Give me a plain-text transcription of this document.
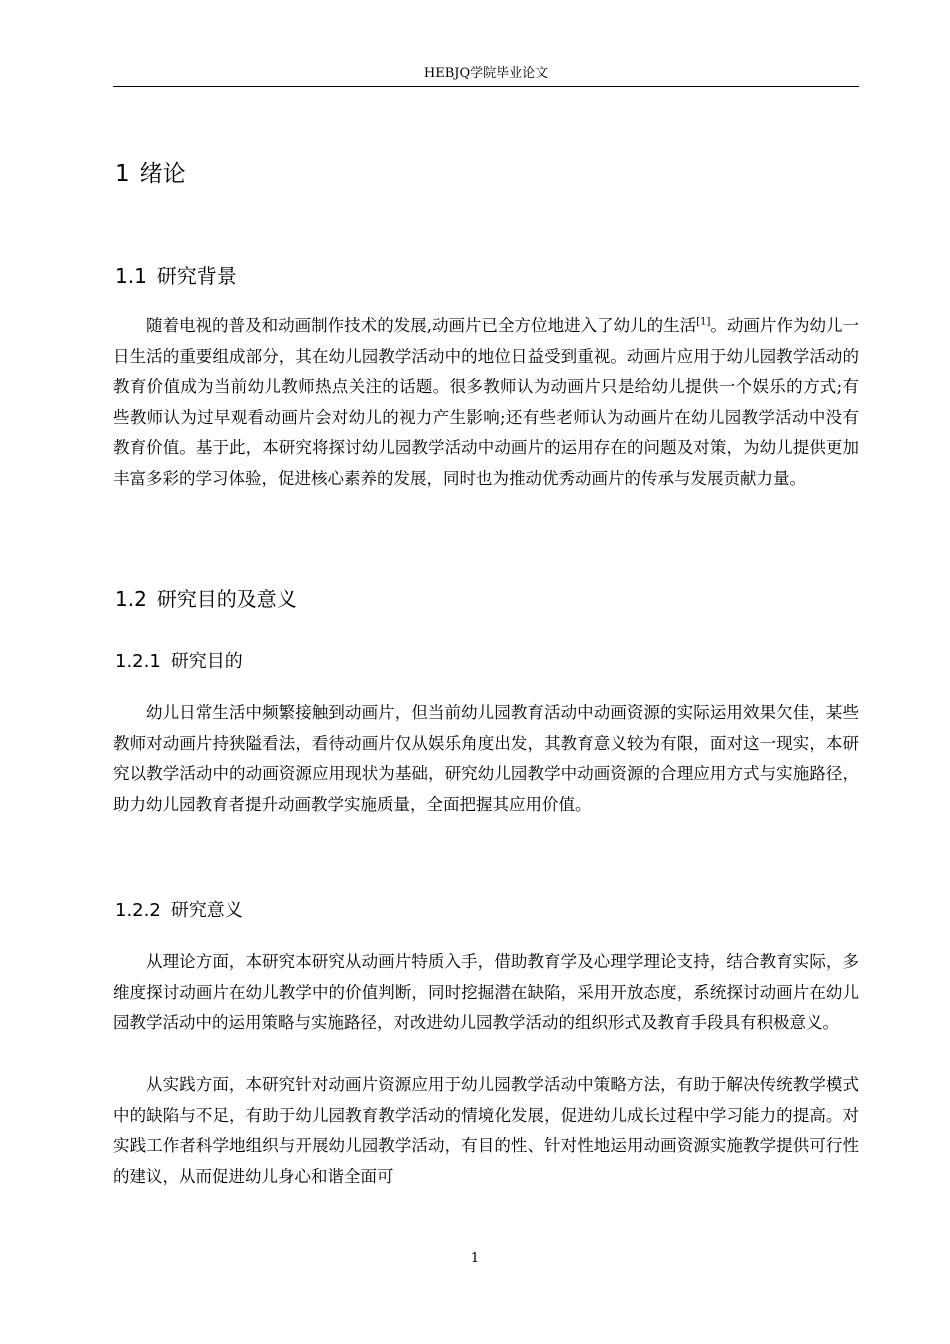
HEBJQ学院毕业论文
1 绪论
1.1 研究背景

随着电视的普及和动画制作技术的发展,动画片已全方位地进入了幼儿的生活[1]。动画片作为幼儿一日生活的重要组成部分，其在幼儿园教学活动中的地位日益受到重视。动画片应用于幼儿园教学活动的教育价值成为当前幼儿教师热点关注的话题。很多教师认为动画片只是给幼儿提供一个娱乐的方式;有些教师认为过早观看动画片会对幼儿的视力产生影响;还有些老师认为动画片在幼儿园教学活动中没有教育价值。基于此，本研究将探讨幼儿园教学活动中动画片的运用存在的问题及对策，为幼儿提供更加丰富多彩的学习体验，促进核心素养的发展，同时也为推动优秀动画片的传承与发展贡献力量。

1.2 研究目的及意义
1.2.1 研究目的

幼儿日常生活中频繁接触到动画片，但当前幼儿园教育活动中动画资源的实际运用效果欠佳，某些教师对动画片持狭隘看法，看待动画片仅从娱乐角度出发，其教育意义较为有限，面对这一现实，本研究以教学活动中的动画资源应用现状为基础，研究幼儿园教学中动画资源的合理应用方式与实施路径，助力幼儿园教育者提升动画教学实施质量，全面把握其应用价值。

1.2.2 研究意义

从理论方面，本研究本研究从动画片特质入手，借助教育学及心理学理论支持，结合教育实际，多维度探讨动画片在幼儿教学中的价值判断，同时挖掘潜在缺陷，采用开放态度，系统探讨动画片在幼儿园教学活动中的运用策略与实施路径，对改进幼儿园教学活动的组织形式及教育手段具有积极意义。

从实践方面，本研究针对动画片资源应用于幼儿园教学活动中策略方法，有助于解决传统教学模式中的缺陷与不足，有助于幼儿园教育教学活动的情境化发展，促进幼儿成长过程中学习能力的提高。对实践工作者科学地组织与开展幼儿园教学活动，有目的性、针对性地运用动画资源实施教学提供可行性的建议，从而促进幼儿身心和谐全面可

1
